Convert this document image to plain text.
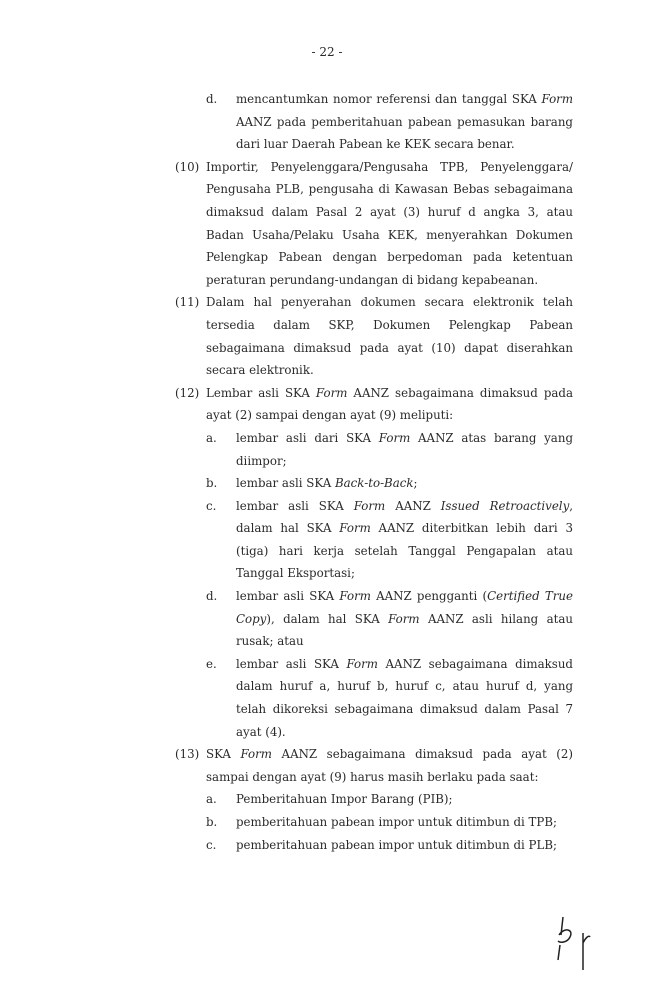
- 22 -
d. mencantumkan nomor referensi dan tanggal SKA Form AANZ pada pemberitahuan pabean pemasukan barang dari luar Daerah Pabean ke KEK secara benar.
(10) Importir, Penyelenggara/Pengusaha TPB, Penyelenggara/ Pengusaha PLB, pengusaha di Kawasan Bebas sebagaimana dimaksud dalam Pasal 2 ayat (3) huruf d angka 3, atau Badan Usaha/Pelaku Usaha KEK, menyerahkan Dokumen Pelengkap Pabean dengan berpedoman pada ketentuan peraturan perundang-undangan di bidang kepabeanan.
(11) Dalam hal penyerahan dokumen secara elektronik telah tersedia dalam SKP, Dokumen Pelengkap Pabean sebagaimana dimaksud pada ayat (10) dapat diserahkan secara elektronik.
(12) Lembar asli SKA Form AANZ sebagaimana dimaksud pada ayat (2) sampai dengan ayat (9) meliputi:
a. lembar asli dari SKA Form AANZ atas barang yang diimpor;
b. lembar asli SKA Back-to-Back;
c. lembar asli SKA Form AANZ Issued Retroactively, dalam hal SKA Form AANZ diterbitkan lebih dari 3 (tiga) hari kerja setelah Tanggal Pengapalan atau Tanggal Eksportasi;
d. lembar asli SKA Form AANZ pengganti (Certified True Copy), dalam hal SKA Form AANZ asli hilang atau rusak; atau
e. lembar asli SKA Form AANZ sebagaimana dimaksud dalam huruf a, huruf b, huruf c, atau huruf d, yang telah dikoreksi sebagaimana dimaksud dalam Pasal 7 ayat (4).
(13) SKA Form AANZ sebagaimana dimaksud pada ayat (2) sampai dengan ayat (9) harus masih berlaku pada saat:
a. Pemberitahuan Impor Barang (PIB);
b. pemberitahuan pabean impor untuk ditimbun di TPB;
c. pemberitahuan pabean impor untuk ditimbun di PLB;
